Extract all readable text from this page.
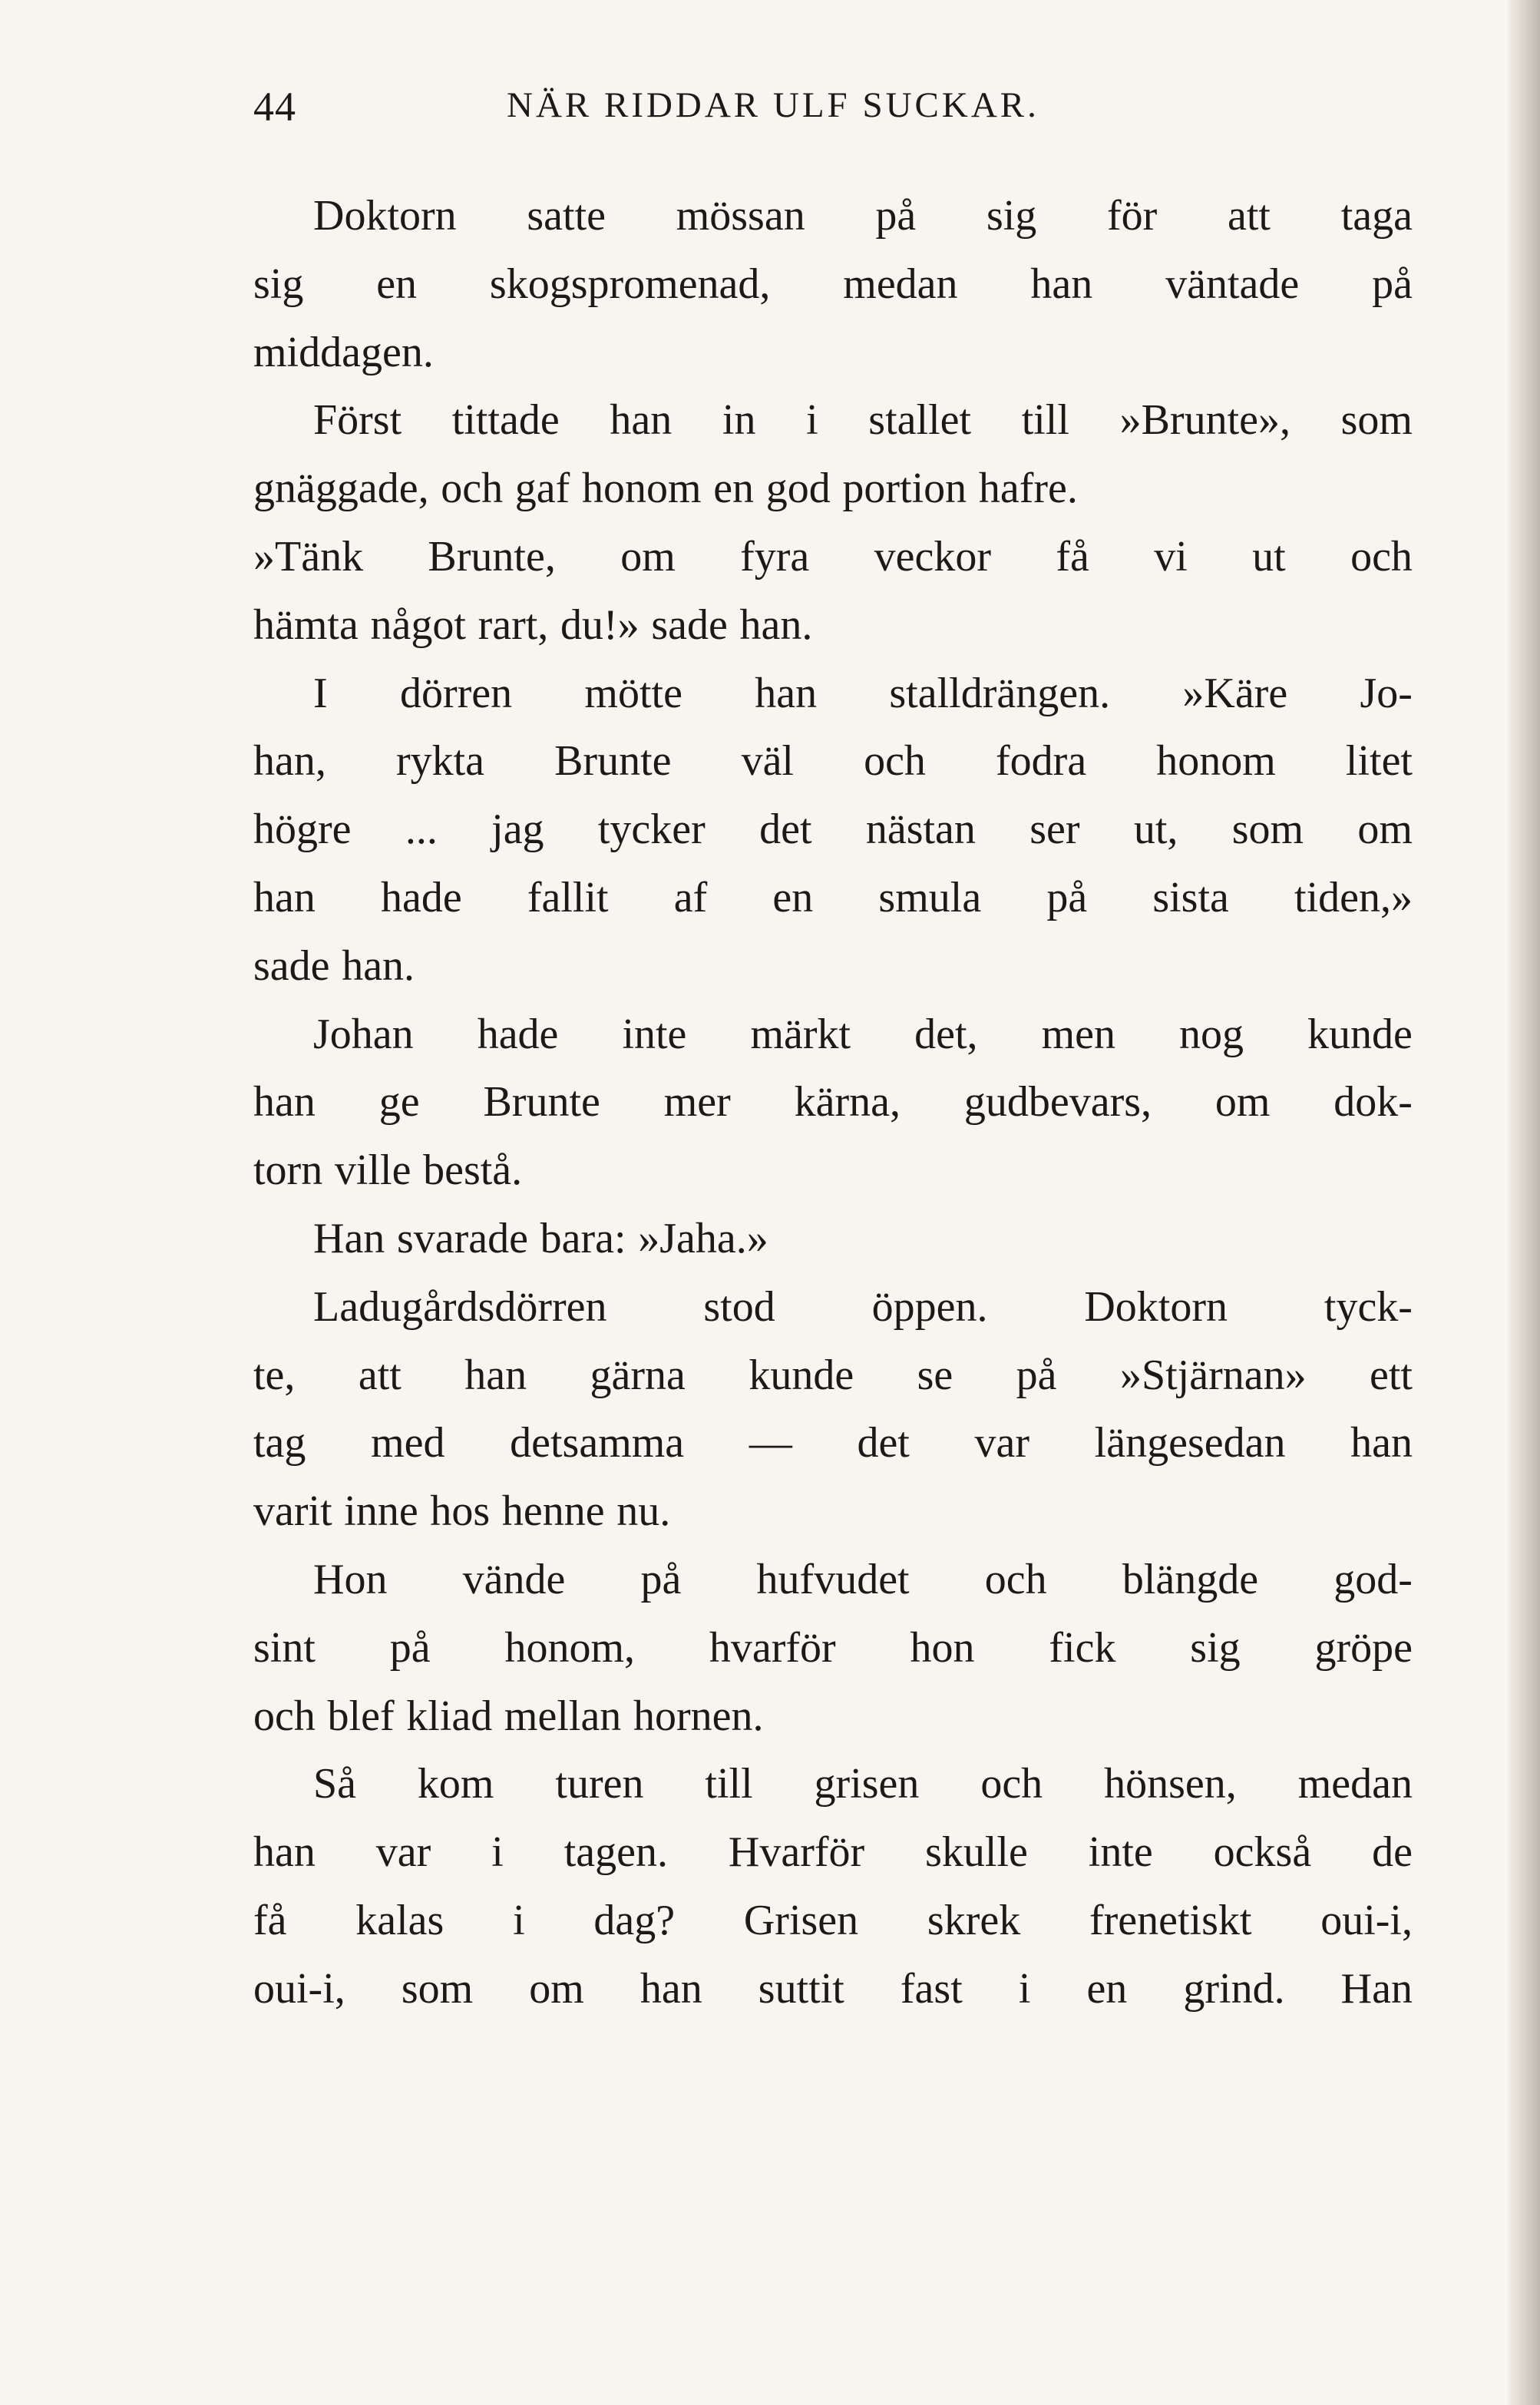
44	NÄR RIDDAR ULF SUCKAR.
Doktorn satte mössan på sig för att taga
sig en skogspromenad, medan han väntade på
middagen.
Först tittade han in i stallet till »Brunte», som
gnäggade, och gaf honom en god portion hafre.
»Tänk Brunte, om fyra veckor få vi ut och
hämta något rart, du!» sade han.
I dörren mötte han stalldrängen. »Käre Jo-
han, rykta Brunte väl och fodra honom litet
högre ... jag tycker det nästan ser ut, som om
han hade fallit af en smula på sista tiden,»
sade han.
Johan hade inte märkt det, men nog kunde
han ge Brunte mer kärna, gudbevars, om dok-
torn ville bestå.
Han svarade bara: »Jaha.»
Ladugårdsdörren stod öppen. Doktorn tyck-
te, att han gärna kunde se på »Stjärnan» ett
tag med detsamma — det var längesedan han
varit inne hos henne nu.
Hon vände på hufvudet och blängde god-
sint på honom, hvarför hon fick sig gröpe
och blef kliad mellan hornen.
Så kom turen till grisen och hönsen, medan
han var i tagen. Hvarför skulle inte också de
få kalas i dag? Grisen skrek frenetiskt oui-i,
oui-i, som om han suttit fast i en grind. Han
